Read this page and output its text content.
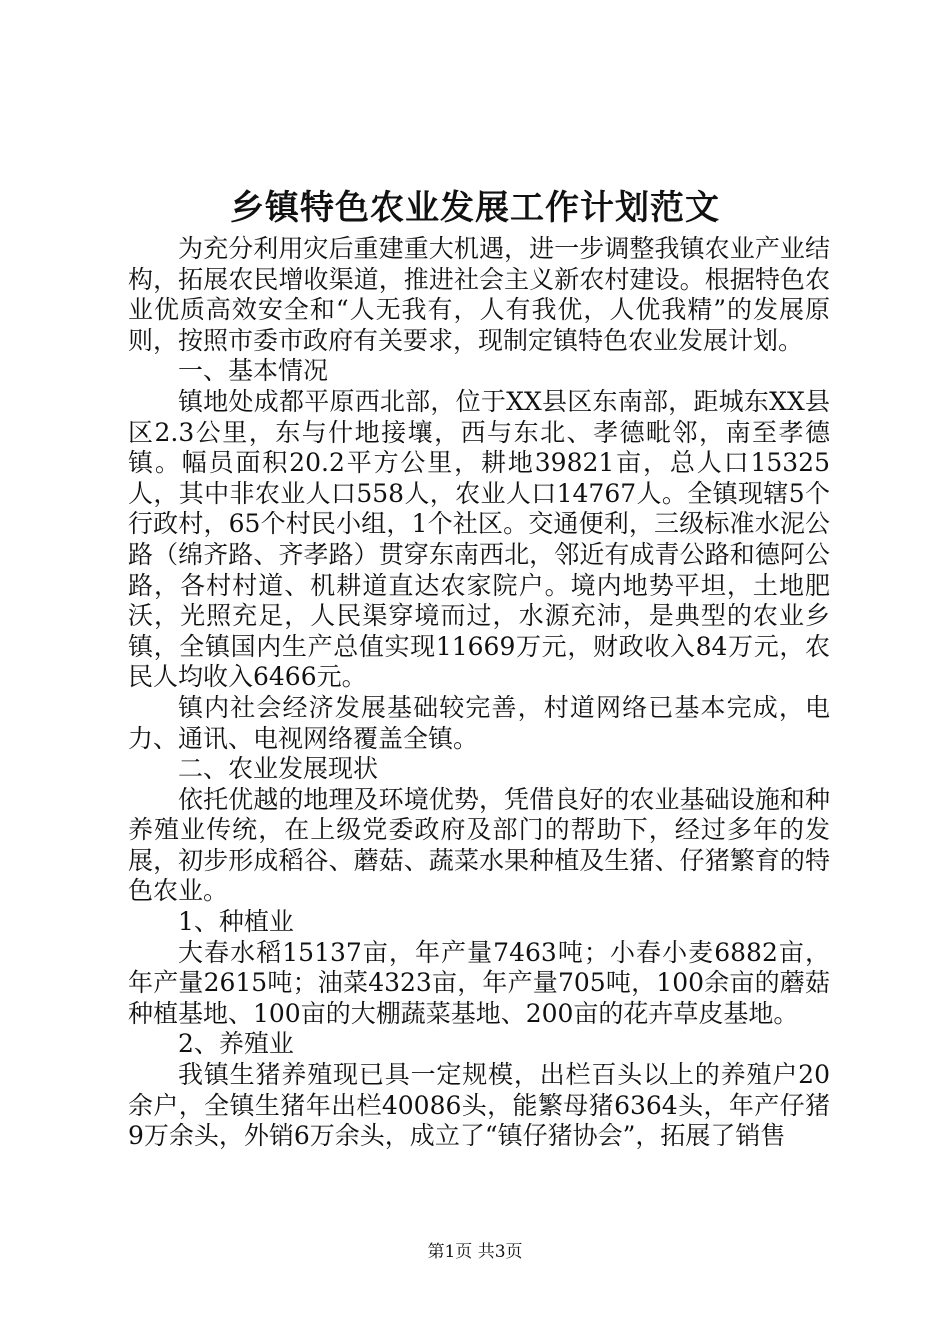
乡镇特色农业发展工作计划范文

为充分利用灾后重建重大机遇，进一步调整我镇农业产业结构，拓展农民增收渠道，推进社会主义新农村建设。根据特色农业优质高效安全和“人无我有，人有我优，人优我精”的发展原则，按照市委市政府有关要求，现制定镇特色农业发展计划。

一、基本情况

镇地处成都平原西北部，位于XX县区东南部，距城东XX县区2.3公里，东与什地接壤，西与东北、孝德毗邻，南至孝德镇。幅员面积20.2平方公里，耕地39821亩，总人口15325人，其中非农业人口558人，农业人口14767人。全镇现辖5个行政村，65个村民小组，1个社区。交通便利，三级标准水泥公路（绵齐路、齐孝路）贯穿东南西北，邻近有成青公路和德阿公路，各村村道、机耕道直达农家院户。境内地势平坦，土地肥沃，光照充足，人民渠穿境而过，水源充沛，是典型的农业乡镇，全镇国内生产总值实现11669万元，财政收入84万元，农民人均收入6466元。

镇内社会经济发展基础较完善，村道网络已基本完成，电力、通讯、电视网络覆盖全镇。

二、农业发展现状

依托优越的地理及环境优势，凭借良好的农业基础设施和种养殖业传统，在上级党委政府及部门的帮助下，经过多年的发展，初步形成稻谷、蘑菇、蔬菜水果种植及生猪、仔猪繁育的特色农业。

1、种植业

大春水稻15137亩，年产量7463吨；小春小麦6882亩，年产量2615吨；油菜4323亩，年产量705吨，100余亩的蘑菇种植基地、100亩的大棚蔬菜基地、200亩的花卉草皮基地。

2、养殖业

我镇生猪养殖现已具一定规模，出栏百头以上的养殖户20余户，全镇生猪年出栏40086头，能繁母猪6364头，年产仔猪9万余头，外销6万余头，成立了“镇仔猪协会”，拓展了销售

第1页 共3页
